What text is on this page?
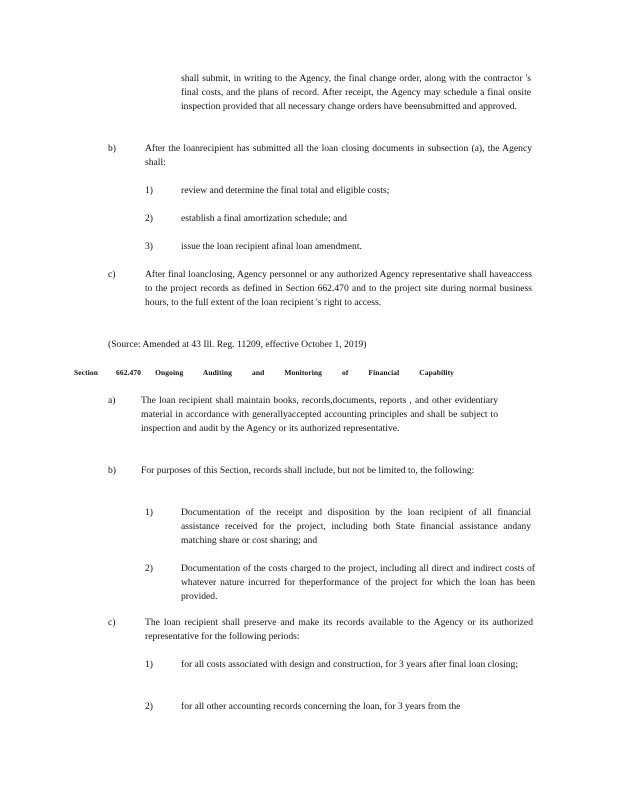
shall submit, in writing to the Agency, the final change order, along with the contractor 's final costs, and the plans of record. After receipt, the Agency may schedule a final onsite inspection provided that all necessary change orders have beensubmitted and approved.
b)	After the loanrecipient has submitted all the loan closing documents in subsection (a), the Agency shall:
1)	review and determine the final total and eligible costs;
2)	establish a final amortization schedule; and
3)	issue the loan recipient afinal loan amendment.
c)	After final loanclosing, Agency personnel or any authorized Agency representative shall haveaccess to the project records as defined in Section 662.470 and to the project site during normal business hours, to the full extent of the loan recipient 's right to access.
(Source: Amended at 43 Ill. Reg. 11209, effective October 1, 2019)
Section 662.470 Ongoing Auditing and Monitoring of Financial Capability
a)	The loan recipient shall maintain books, records,documents, reports , and other evidentiary material in accordance with generallyaccepted accounting principles and shall be subject to inspection and audit by the Agency or its authorized representative.
b)	For purposes of this Section, records shall include, but not be limited to, the following:
1)	Documentation of the receipt and disposition by the loan recipient of all financial assistance received for the project, including both State financial assistance andany matching share or cost sharing; and
2)	Documentation of the costs charged to the project, including all direct and indirect costs of whatever nature incurred for theperformance of the project for which the loan has been provided.
c)	The loan recipient shall preserve and make its records available to the Agency or its authorized representative for the following periods:
1)	for all costs associated with design and construction, for 3 years after final loan closing;
2)	for all other accounting records concerning the loan, for 3 years from the
